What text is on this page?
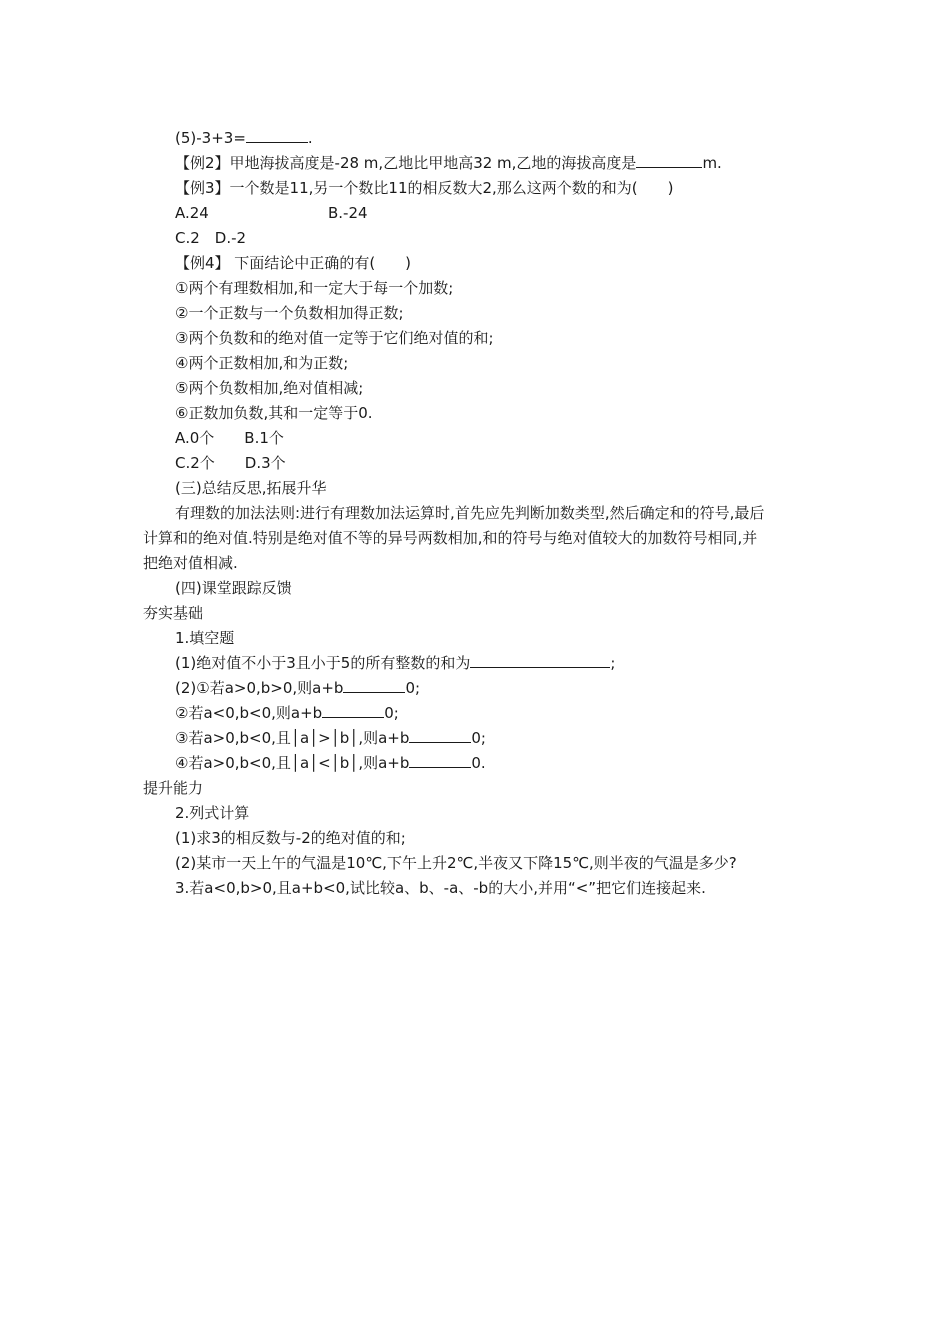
(5)-3+3=	.
【例2】甲地海拔高度是-28 m,乙地比甲地高32 m,乙地的海拔高度是	m.
【例3】一个数是11,另一个数比11的相反数大2,那么这两个数的和为(　　)
A.24	B.-24
C.2　D.-2
【例4】 下面结论中正确的有(　　)
①两个有理数相加,和一定大于每一个加数;
②一个正数与一个负数相加得正数;
③两个负数和的绝对值一定等于它们绝对值的和;
④两个正数相加,和为正数;
⑤两个负数相加,绝对值相减;
⑥正数加负数,其和一定等于0.
A.0个　　B.1个
C.2个　　D.3个
(三)总结反思,拓展升华
有理数的加法法则:进行有理数加法运算时,首先应先判断加数类型,然后确定和的符号,最后
计算和的绝对值.特别是绝对值不等的异号两数相加,和的符号与绝对值较大的加数符号相同,并
把绝对值相减.
(四)课堂跟踪反馈
夯实基础
1.填空题
(1)绝对值不小于3且小于5的所有整数的和为	;
(2)①若a>0,b>0,则a+b	0;
②若a<0,b<0,则a+b	0;
③若a>0,b<0,且│a│>│b│,则a+b	0;
④若a>0,b<0,且│a│<│b│,则a+b	0.
提升能力
2.列式计算
(1)求3的相反数与-2的绝对值的和;
(2)某市一天上午的气温是10℃,下午上升2℃,半夜又下降15℃,则半夜的气温是多少?
3.若a<0,b>0,且a+b<0,试比较a、b、-a、-b的大小,并用“<”把它们连接起来.
